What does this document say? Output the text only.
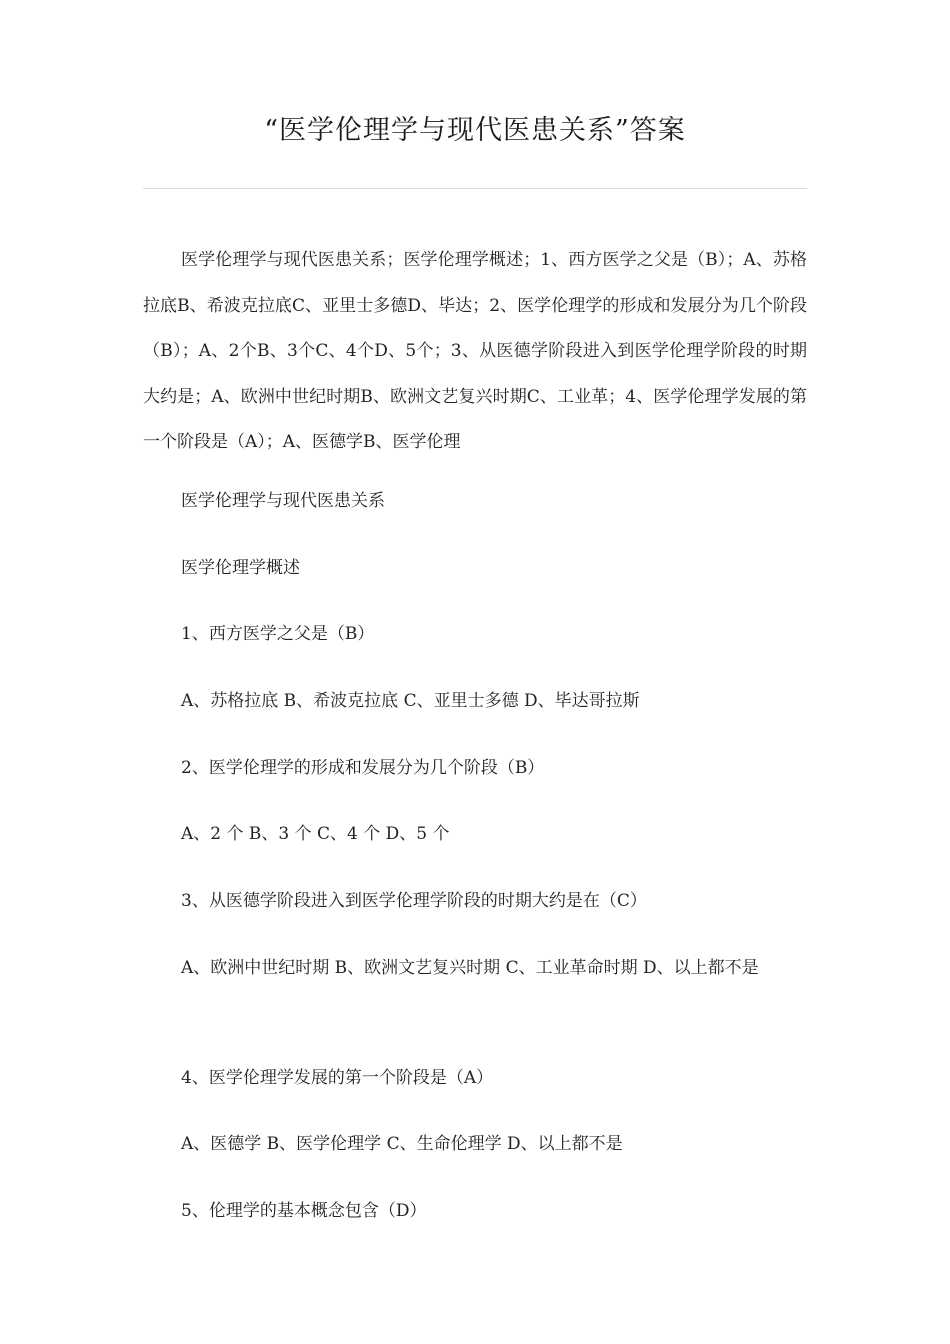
“医学伦理学与现代医患关系”答案

医学伦理学与现代医患关系；医学伦理学概述；1、西方医学之父是（B）；A、苏格拉底B、希波克拉底C、亚里士多德D、毕达；2、医学伦理学的形成和发展分为几个阶段（B）；A、2个B、3个C、4个D、5个；3、从医德学阶段进入到医学伦理学阶段的时期大约是；A、欧洲中世纪时期B、欧洲文艺复兴时期C、工业革；4、医学伦理学发展的第一个阶段是（A）；A、医德学B、医学伦理

医学伦理学与现代医患关系

医学伦理学概述

1、西方医学之父是（B）

A、苏格拉底 B、希波克拉底 C、亚里士多德 D、毕达哥拉斯

2、医学伦理学的形成和发展分为几个阶段（B）

A、2 个 B、3 个 C、4 个 D、5 个

3、从医德学阶段进入到医学伦理学阶段的时期大约是在（C）

A、欧洲中世纪时期 B、欧洲文艺复兴时期 C、工业革命时期 D、以上都不是

4、医学伦理学发展的第一个阶段是（A）

A、医德学 B、医学伦理学 C、生命伦理学 D、以上都不是

5、伦理学的基本概念包含（D）
